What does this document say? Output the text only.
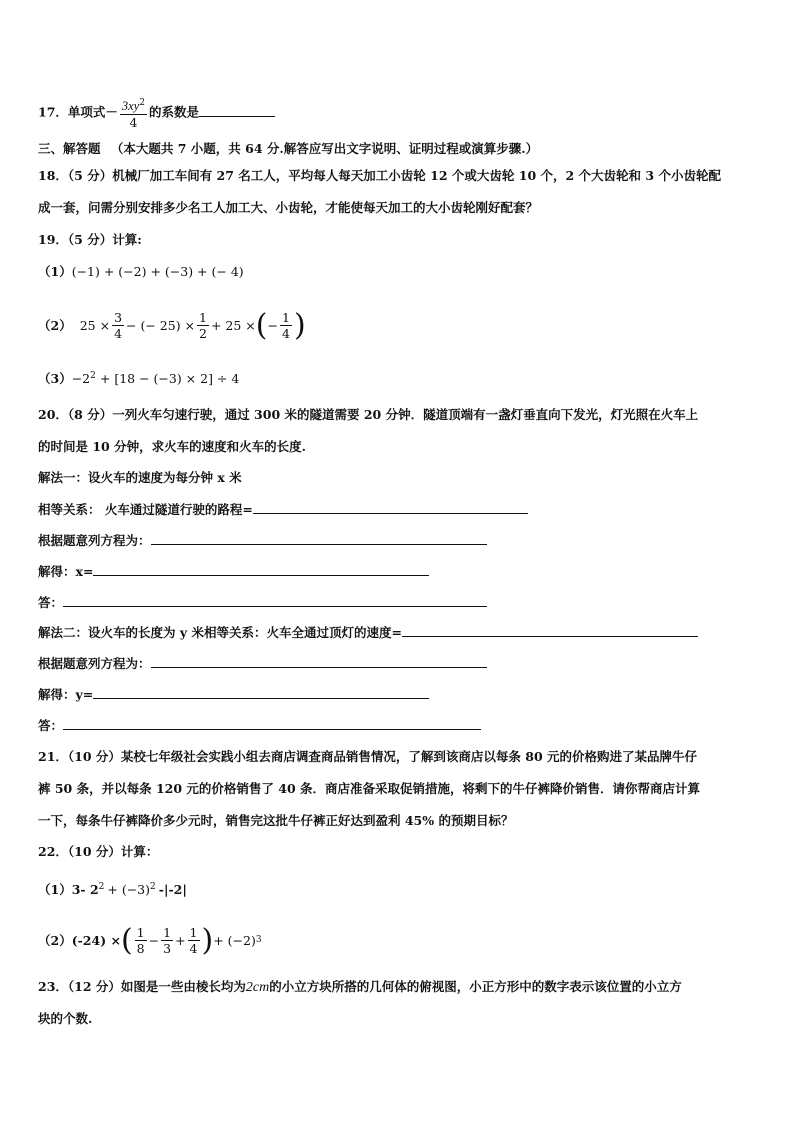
17．单项式－ $\frac{3xy^2}{4}$ 的系数是
三、解答题 （本大题共 7 小题，共 64 分.解答应写出文字说明、证明过程或演算步骤.）
18．（5 分）机械厂加工车间有 27 名工人，平均每人每天加工小齿轮 12 个或大齿轮 10 个，2 个大齿轮和 3 个小齿轮配
成一套，问需分别安排多少名工人加工大、小齿轮，才能使每天加工的大小齿轮刚好配套？
19．（5 分）计算:
（1）(−1) + (−2) + (−3) + (− 4)
（2） $25 \times \frac{3}{4}$ − (− $25) \times \frac{1}{2} + 25$ × ( − $\frac{1}{4}$ )
$(3)-2^2 + [18 - (-3) \times 2] \div 4$
20．（8 分）一列火车匀速行驶，通过 300 米的隧道需要 20 分钟．隧道顶端有一盏灯垂直向下发光，灯光照在火车上
的时间是 10 分钟，求火车的速度和火车的长度.
解法一：设火车的速度为每分钟 x 米
相等关系： 火车通过隧道行驶的路程=
根据题意列方程为：
解得：x=
答：
解法二：设火车的长度为 y 米相等关系：火车全通过顶灯的速度=
根据题意列方程为：
解得：y=
答：
21．（10 分）某校七年级社会实践小组去商店调查商品销售情况，了解到该商店以每条 80 元的价格购进了某品牌牛仔
裤 50 条，并以每条 120 元的价格销售了 40 条．商店准备采取促销措施，将剩下的牛仔裤降价销售．请你帮商店计算
一下，每条牛仔裤降价多少元时，销售完这批牛仔裤正好达到盈利 45% 的预期目标？
22．（10 分）计算：
（1）3- $2^2 + (-3)^2$ -|-2|
（2） (-24) × ( $\frac{1}{8} - \frac{1}{3} + \frac{1}{4}$ ) + (−2) 3
23．（12 分）如图是一些由棱长均为2cm的小立方块所搭的几何体的俯视图，小正方形中的数字表示该位置的小立方
块的个数.
